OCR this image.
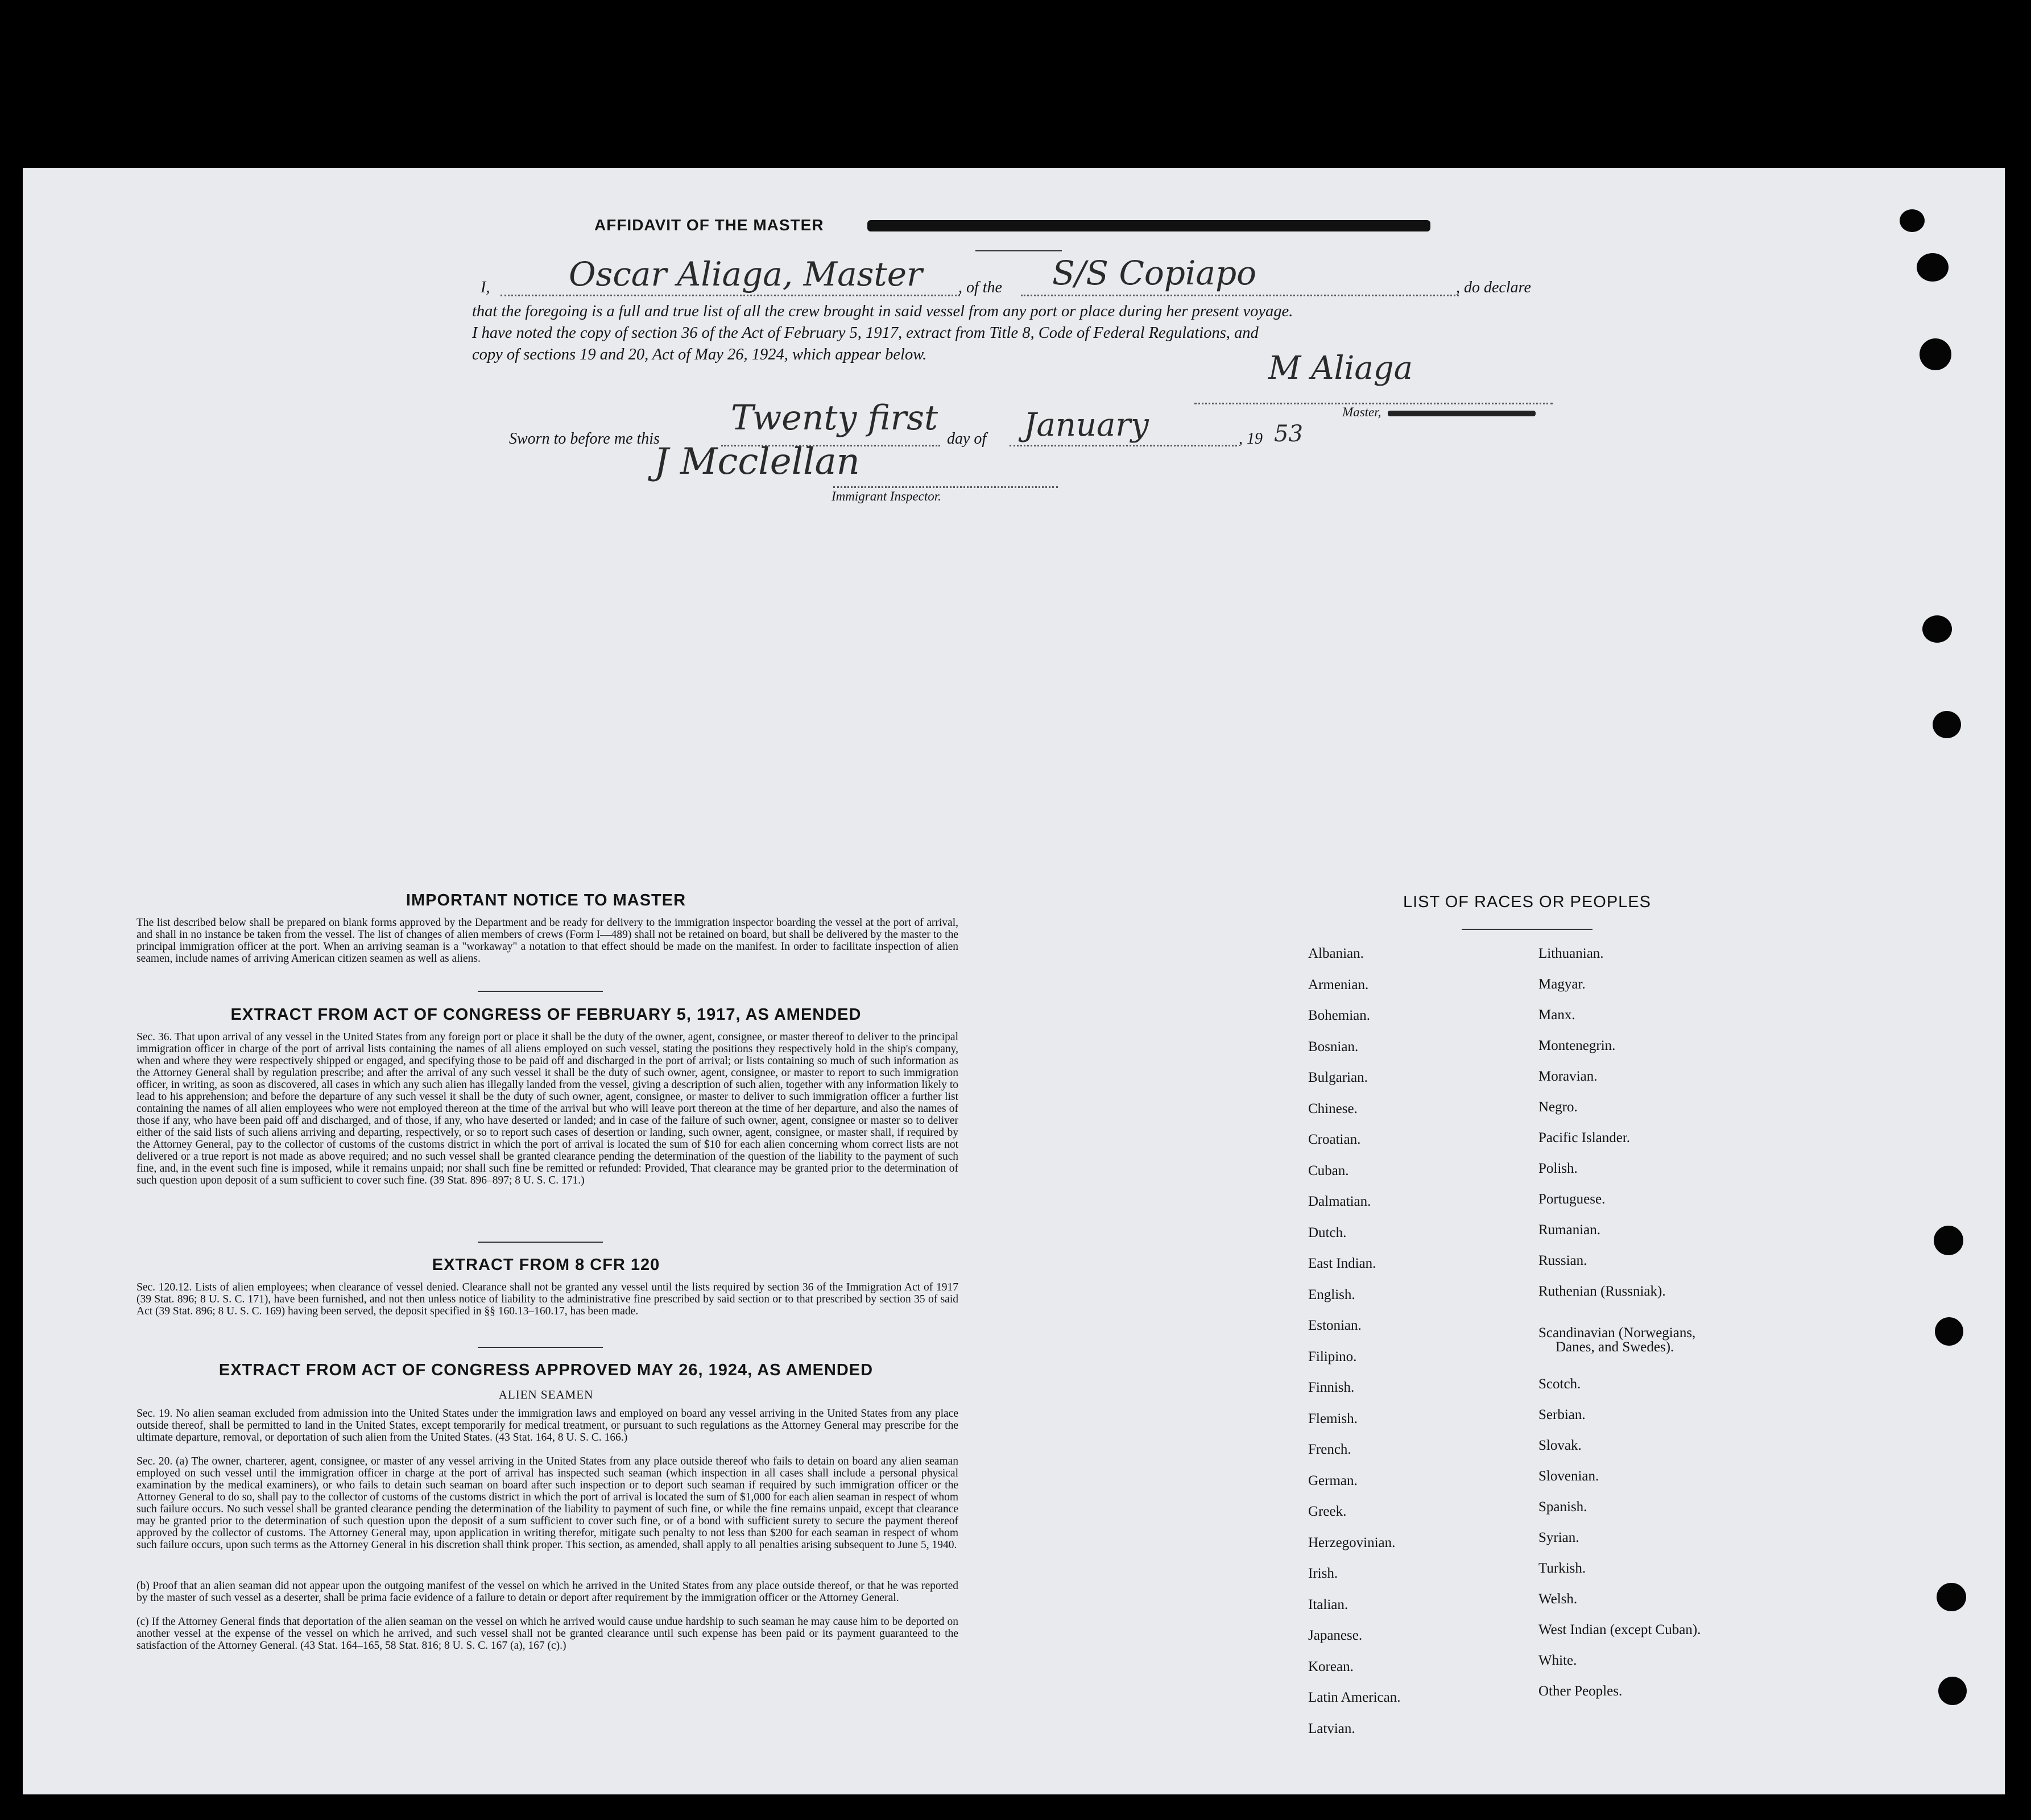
AFFIDAVIT OF THE MASTER
I, Oscar Aliaga, Master , of the S/S Copiapo	, do declare
that the foregoing is a full and true list of all the crew brought in said vessel from any port or place during her present voyage.
I have noted the copy of section 36 of the Act of February 5, 1917, extract from Title 8, Code of Federal Regulations, and
copy of sections 19 and 20, Act of May 26, 1924, which appear below.	M Aliaga
Master,
Sworn to before me this
Twenty first
day of January	, 19 53
J Mcclellan
Immigrant Inspector.
IMPORTANT NOTICE TO MASTER
The list described below shall be prepared on blank forms approved by the Department and be ready for delivery to the immigration inspector boarding the vessel at the port of arrival, and shall in no instance be taken from the vessel. The list of changes of alien members of crews (Form I—489) shall not be retained on board, but shall be delivered by the master to the principal immigration officer at the port. When an arriving seaman is a "workaway" a notation to that effect should be made on the manifest. In order to facilitate inspection of alien seamen, include names of arriving American citizen seamen as well as aliens.
EXTRACT FROM ACT OF CONGRESS OF FEBRUARY 5, 1917, AS AMENDED
Sec. 36. That upon arrival of any vessel in the United States from any foreign port or place it shall be the duty of the owner, agent, consignee, or master thereof to deliver to the principal immigration officer in charge of the port of arrival lists containing the names of all aliens employed on such vessel, stating the positions they respectively hold in the ship's company, when and where they were respectively shipped or engaged, and specifying those to be paid off and discharged in the port of arrival; or lists containing so much of such information as the Attorney General shall by regulation prescribe; and after the arrival of any such vessel it shall be the duty of such owner, agent, consignee, or master to report to such immigration officer, in writing, as soon as discovered, all cases in which any such alien has illegally landed from the vessel, giving a description of such alien, together with any information likely to lead to his apprehension; and before the departure of any such vessel it shall be the duty of such owner, agent, consignee, or master to deliver to such immigration officer a further list containing the names of all alien employees who were not employed thereon at the time of the arrival but who will leave port thereon at the time of her departure, and also the names of those if any, who have been paid off and discharged, and of those, if any, who have deserted or landed; and in case of the failure of such owner, agent, consignee or master so to deliver either of the said lists of such aliens arriving and departing, respectively, or so to report such cases of desertion or landing, such owner, agent, consignee, or master shall, if required by the Attorney General, pay to the collector of customs of the customs district in which the port of arrival is located the sum of $10 for each alien concerning whom correct lists are not delivered or a true report is not made as above required; and no such vessel shall be granted clearance pending the determination of the question of the liability to the payment of such fine, and, in the event such fine is imposed, while it remains unpaid; nor shall such fine be remitted or refunded: Provided, That clearance may be granted prior to the determination of such question upon deposit of a sum sufficient to cover such fine. (39 Stat. 896–897; 8 U. S. C. 171.)
EXTRACT FROM 8 CFR 120
Sec. 120.12. Lists of alien employees; when clearance of vessel denied. Clearance shall not be granted any vessel until the lists required by section 36 of the Immigration Act of 1917 (39 Stat. 896; 8 U. S. C. 171), have been furnished, and not then unless notice of liability to the administrative fine prescribed by said section or to that prescribed by section 35 of said Act (39 Stat. 896; 8 U. S. C. 169) having been served, the deposit specified in §§ 160.13–160.17, has been made.
EXTRACT FROM ACT OF CONGRESS APPROVED MAY 26, 1924, AS AMENDED
ALIEN SEAMEN
Sec. 19. No alien seaman excluded from admission into the United States under the immigration laws and employed on board any vessel arriving in the United States from any place outside thereof, shall be permitted to land in the United States, except temporarily for medical treatment, or pursuant to such regulations as the Attorney General may prescribe for the ultimate departure, removal, or deportation of such alien from the United States. (43 Stat. 164, 8 U. S. C. 166.)
Sec. 20. (a) The owner, charterer, agent, consignee, or master of any vessel arriving in the United States from any place outside thereof who fails to detain on board any alien seaman employed on such vessel until the immigration officer in charge at the port of arrival has inspected such seaman (which inspection in all cases shall include a personal physical examination by the medical examiners), or who fails to detain such seaman on board after such inspection or to deport such seaman if required by such immigration officer or the Attorney General to do so, shall pay to the collector of customs of the customs district in which the port of arrival is located the sum of $1,000 for each alien seaman in respect of whom such failure occurs. No such vessel shall be granted clearance pending the determination of the liability to payment of such fine, or while the fine remains unpaid, except that clearance may be granted prior to the determination of such question upon the deposit of a sum sufficient to cover such fine, or of a bond with sufficient surety to secure the payment thereof approved by the collector of customs. The Attorney General may, upon application in writing therefor, mitigate such penalty to not less than $200 for each seaman in respect of whom such failure occurs, upon such terms as the Attorney General in his discretion shall think proper. This section, as amended, shall apply to all penalties arising subsequent to June 5, 1940.
(b) Proof that an alien seaman did not appear upon the outgoing manifest of the vessel on which he arrived in the United States from any place outside thereof, or that he was reported by the master of such vessel as a deserter, shall be prima facie evidence of a failure to detain or deport after requirement by the immigration officer or the Attorney General.
(c) If the Attorney General finds that deportation of the alien seaman on the vessel on which he arrived would cause undue hardship to such seaman he may cause him to be deported on another vessel at the expense of the vessel on which he arrived, and such vessel shall not be granted clearance until such expense has been paid or its payment guaranteed to the satisfaction of the Attorney General. (43 Stat. 164–165, 58 Stat. 816; 8 U. S. C. 167 (a), 167 (c).)
LIST OF RACES OR PEOPLES
Albanian.
Armenian.
Bohemian.
Bosnian.
Bulgarian.
Chinese.
Croatian.
Cuban.
Dalmatian.
Dutch.
East Indian.
English.
Estonian.
Filipino.
Finnish.
Flemish.
French.
German.
Greek.
Herzegovinian.
Irish.
Italian.
Japanese.
Korean.
Latin American.
Latvian.
Lithuanian.
Magyar.
Manx.
Montenegrin.
Moravian.
Negro.
Pacific Islander.
Polish.
Portuguese.
Rumanian.
Russian.
Ruthenian (Russniak).
Scandinavian (Norwegians,
Danes, and Swedes).
Scotch.
Serbian.
Slovak.
Slovenian.
Spanish.
Syrian.
Turkish.
Welsh.
West Indian (except Cuban).
White.
Other Peoples.
